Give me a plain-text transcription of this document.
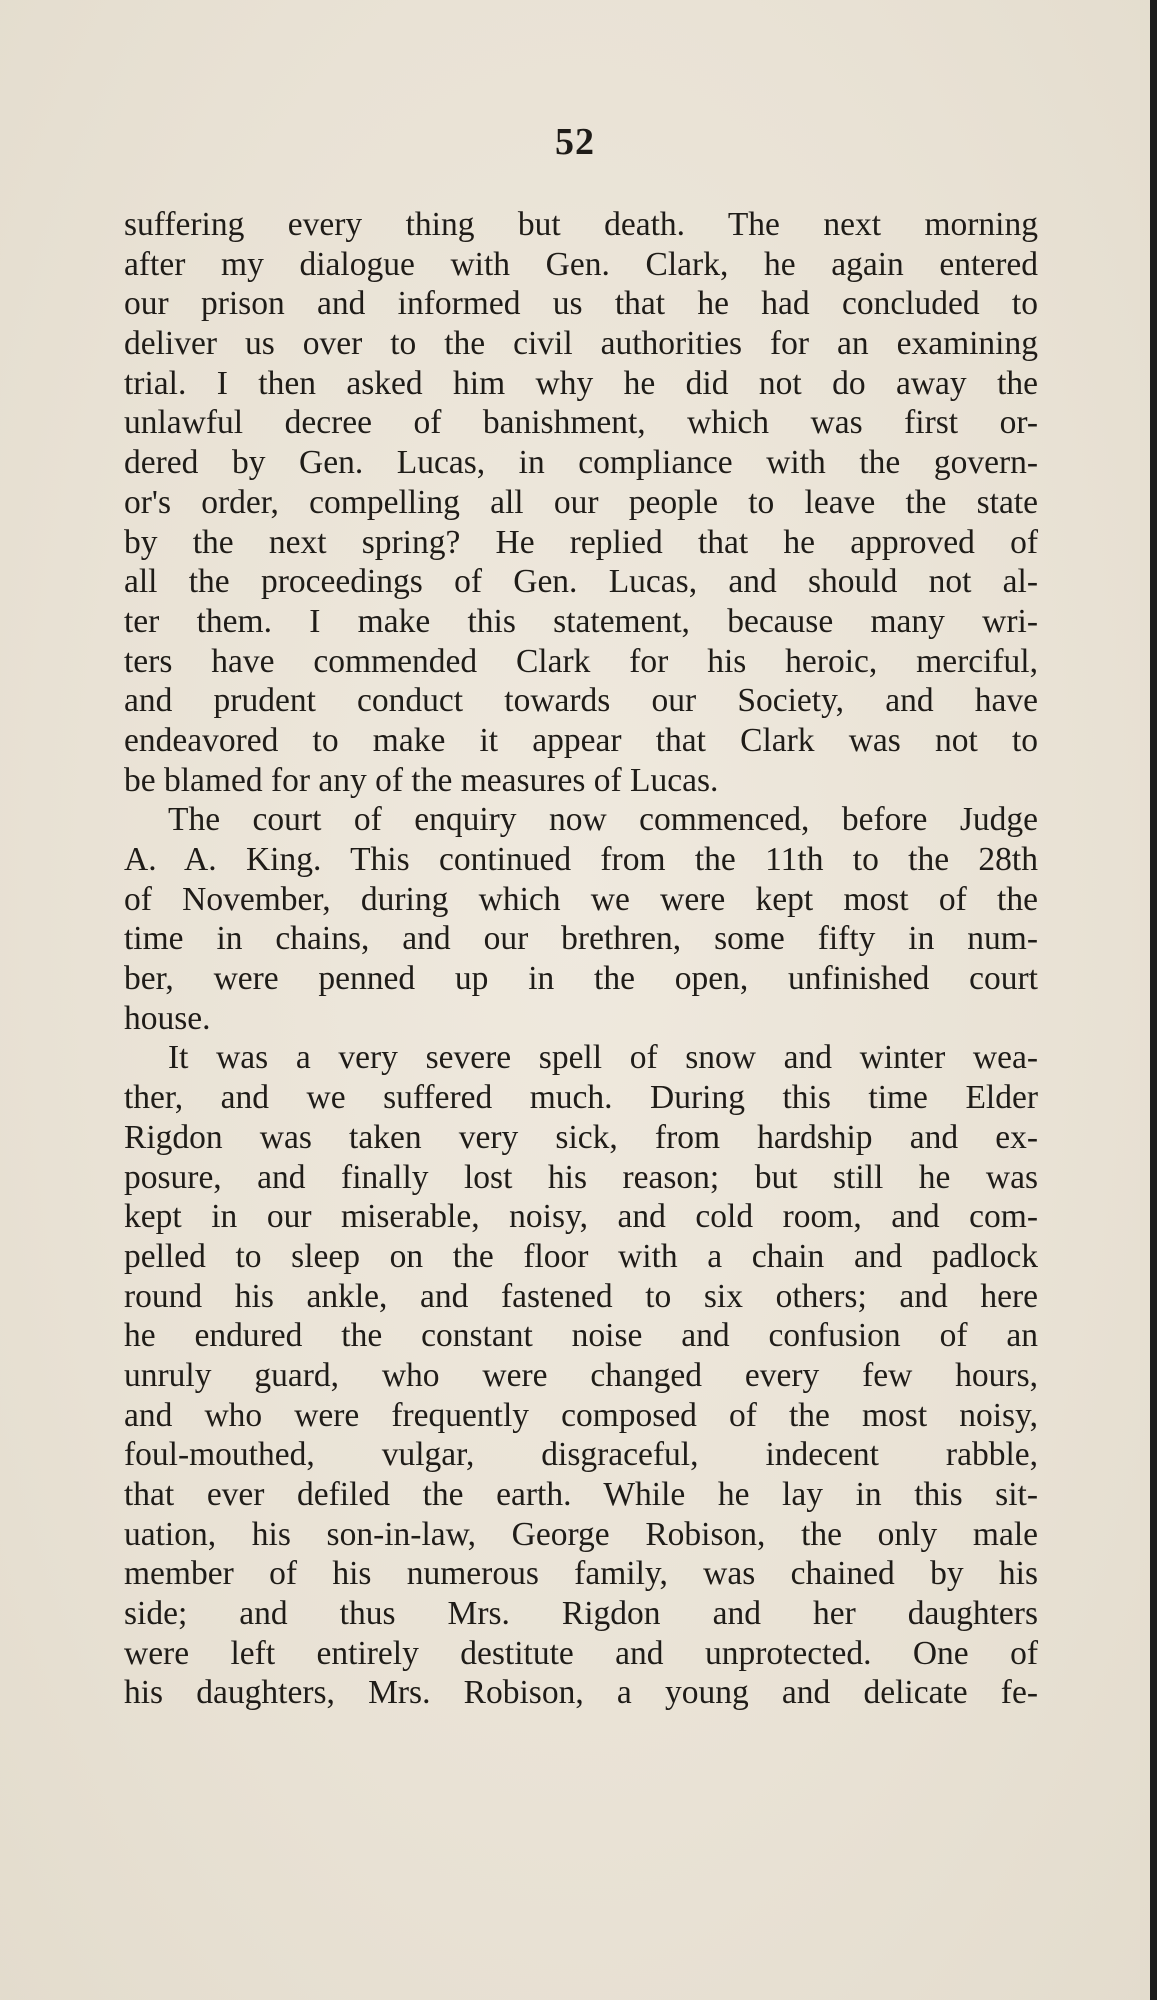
52
suffering every thing but death. The next morning
after my dialogue with Gen. Clark, he again entered
our prison and informed us that he had concluded to
deliver us over to the civil authorities for an examining
trial. I then asked him why he did not do away the
unlawful decree of banishment, which was first or-
dered by Gen. Lucas, in compliance with the govern-
or's order, compelling all our people to leave the state
by the next spring? He replied that he approved of
all the proceedings of Gen. Lucas, and should not al-
ter them. I make this statement, because many wri-
ters have commended Clark for his heroic, merciful,
and prudent conduct towards our Society, and have
endeavored to make it appear that Clark was not to
be blamed for any of the measures of Lucas.
The court of enquiry now commenced, before Judge
A. A. King. This continued from the 11th to the 28th
of November, during which we were kept most of the
time in chains, and our brethren, some fifty in num-
ber, were penned up in the open, unfinished court
house.
It was a very severe spell of snow and winter wea-
ther, and we suffered much. During this time Elder
Rigdon was taken very sick, from hardship and ex-
posure, and finally lost his reason; but still he was
kept in our miserable, noisy, and cold room, and com-
pelled to sleep on the floor with a chain and padlock
round his ankle, and fastened to six others; and here
he endured the constant noise and confusion of an
unruly guard, who were changed every few hours,
and who were frequently composed of the most noisy,
foul-mouthed, vulgar, disgraceful, indecent rabble,
that ever defiled the earth. While he lay in this sit-
uation, his son-in-law, George Robison, the only male
member of his numerous family, was chained by his
side; and thus Mrs. Rigdon and her daughters
were left entirely destitute and unprotected. One of
his daughters, Mrs. Robison, a young and delicate fe-
